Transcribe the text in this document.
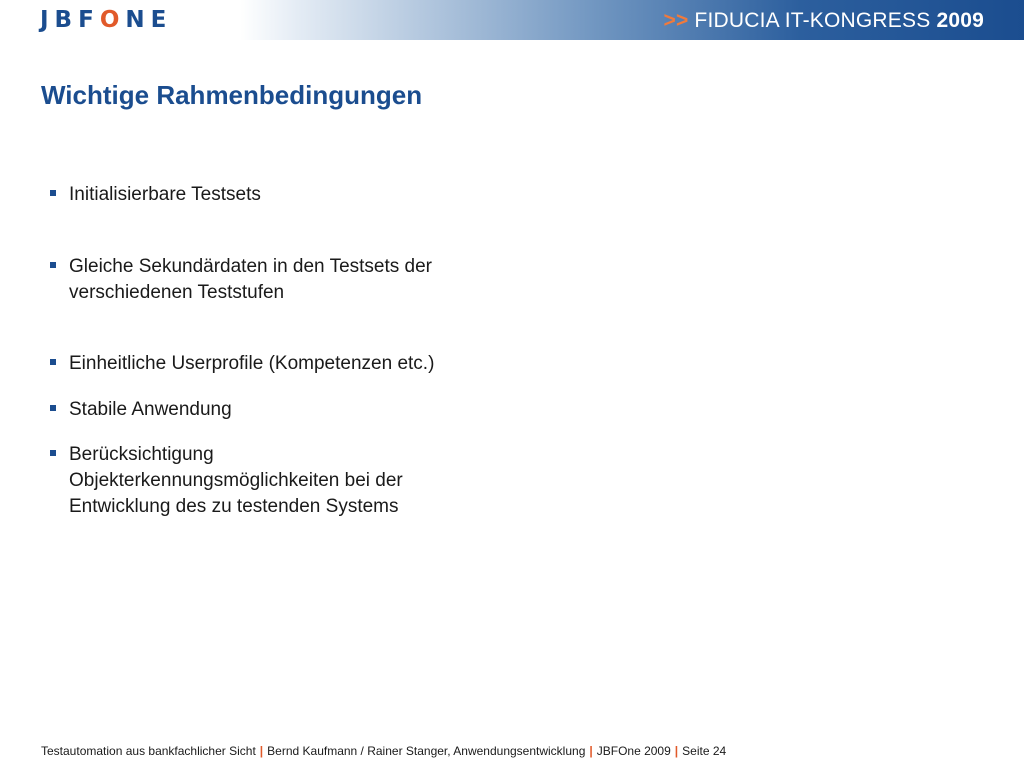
JBFONE	>> FIDUCIA IT-KONGRESS 2009
Wichtige Rahmenbedingungen
Initialisierbare Testsets
Gleiche Sekundärdaten in den Testsets der
verschiedenen Teststufen
Einheitliche Userprofile (Kompetenzen etc.)
Stabile Anwendung
Berücksichtigung
Objekterkennungsmöglichkeiten bei der
Entwicklung des zu testenden Systems
Testautomation aus bankfachlicher Sicht | Bernd Kaufmann / Rainer Stanger, Anwendungsentwicklung | JBFOne 2009 | Seite 24
